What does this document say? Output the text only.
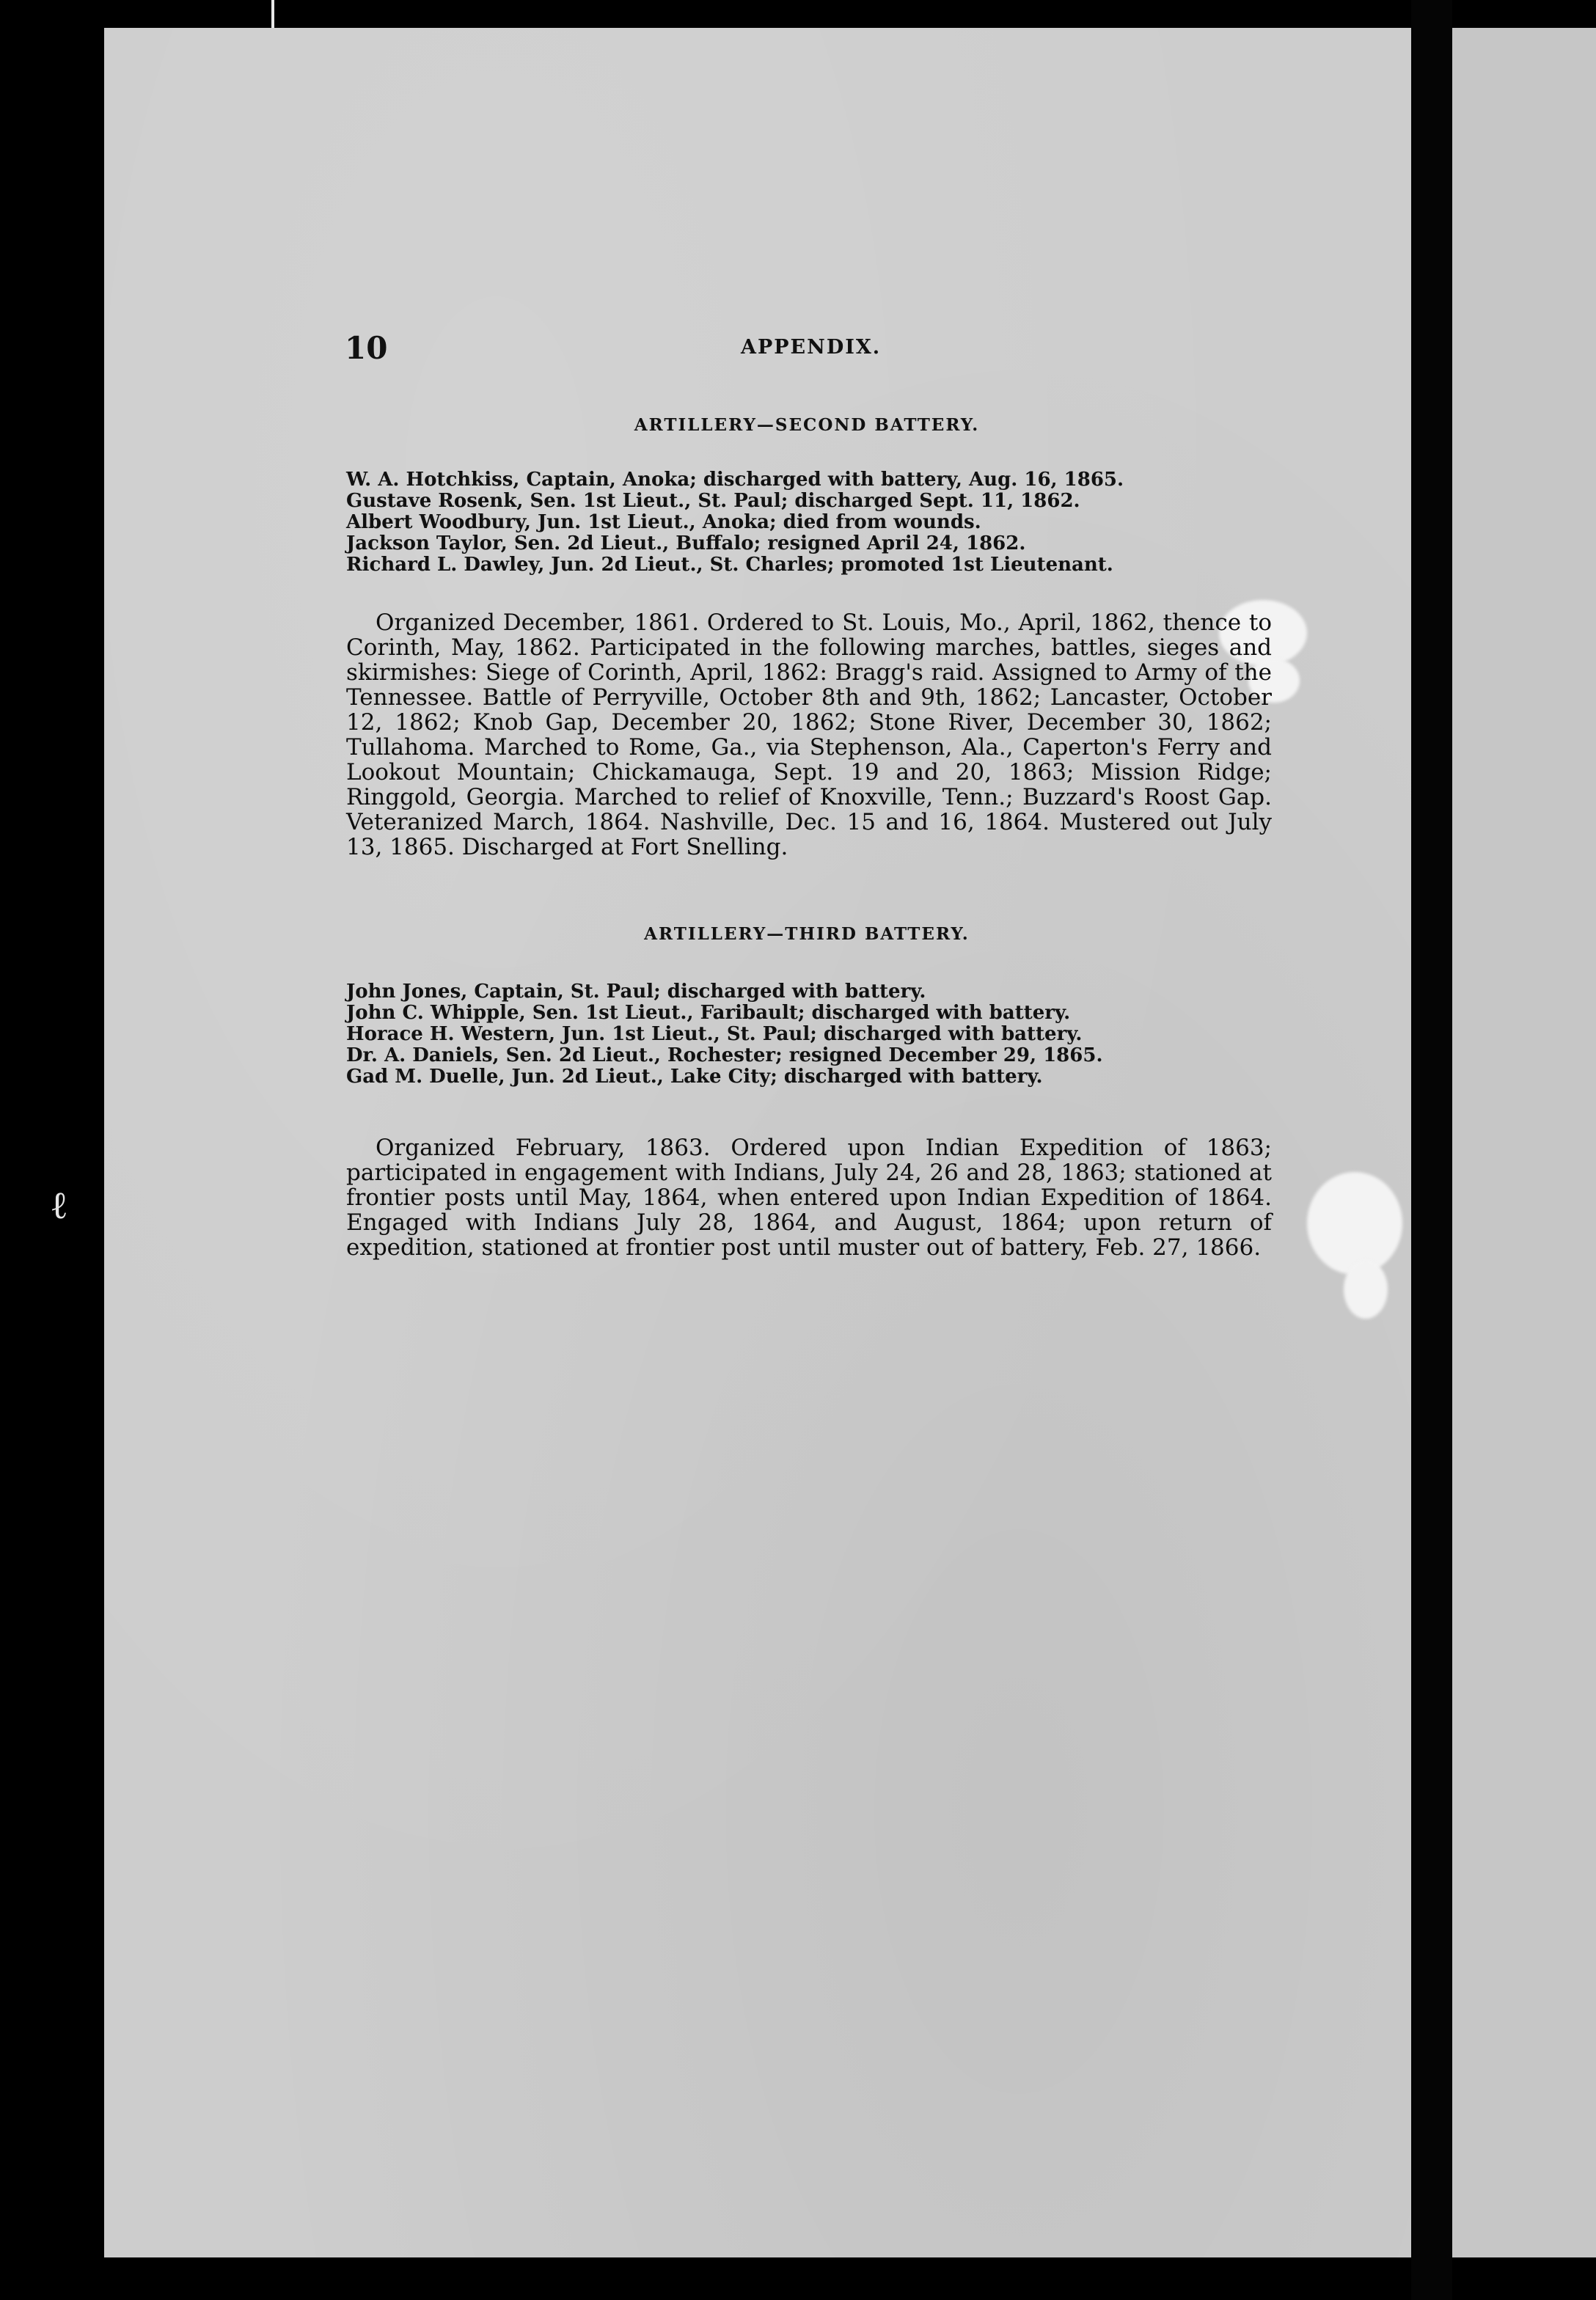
ℓ
10	APPENDIX.
ARTILLERY—SECOND BATTERY.
W. A. Hotchkiss, Captain, Anoka; discharged with battery, Aug. 16, 1865.
Gustave Rosenk, Sen. 1st Lieut., St. Paul; discharged Sept. 11, 1862.
Albert Woodbury, Jun. 1st Lieut., Anoka; died from wounds.
Jackson Taylor, Sen. 2d Lieut., Buffalo; resigned April 24, 1862.
Richard L. Dawley, Jun. 2d Lieut., St. Charles; promoted 1st Lieutenant.

Organized December, 1861. Ordered to St. Louis, Mo., April, 1862, thence to Corinth, May, 1862. Participated in the following marches, battles, sieges and skirmishes: Siege of Corinth, April, 1862: Bragg's raid. Assigned to Army of the Tennessee. Battle of Perryville, October 8th and 9th, 1862; Lancaster, October 12, 1862; Knob Gap, December 20, 1862; Stone River, December 30, 1862; Tullahoma. Marched to Rome, Ga., via Stephenson, Ala., Caperton's Ferry and Lookout Mountain; Chickamauga, Sept. 19 and 20, 1863; Mission Ridge; Ringgold, Georgia. Marched to relief of Knoxville, Tenn.; Buzzard's Roost Gap. Veteranized March, 1864. Nashville, Dec. 15 and 16, 1864. Mustered out July 13, 1865. Discharged at Fort Snelling.

ARTILLERY—THIRD BATTERY.
John Jones, Captain, St. Paul; discharged with battery.
John C. Whipple, Sen. 1st Lieut., Faribault; discharged with battery.
Horace H. Western, Jun. 1st Lieut., St. Paul; discharged with battery.
Dr. A. Daniels, Sen. 2d Lieut., Rochester; resigned December 29, 1865.
Gad M. Duelle, Jun. 2d Lieut., Lake City; discharged with battery.

Organized February, 1863. Ordered upon Indian Expedition of 1863; participated in engagement with Indians, July 24, 26 and 28, 1863; stationed at frontier posts until May, 1864, when entered upon Indian Expedition of 1864. Engaged with Indians July 28, 1864, and August, 1864; upon return of expedition, stationed at frontier post until muster out of battery, Feb. 27, 1866.
